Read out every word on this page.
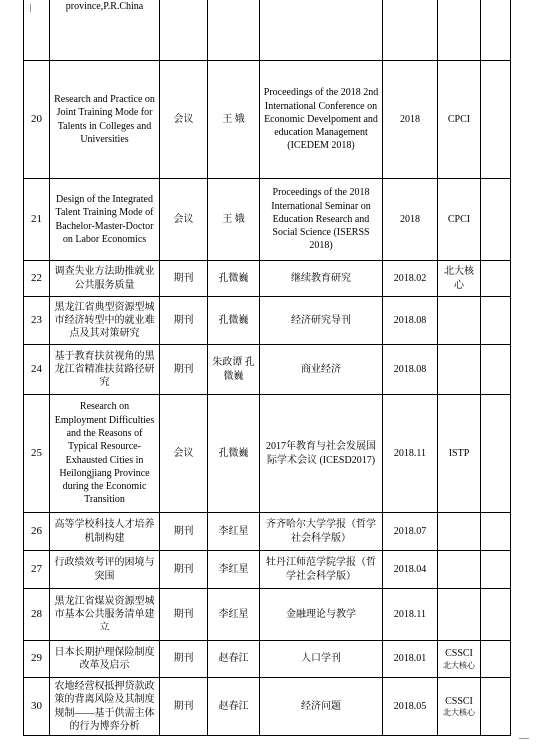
	province,P.R.China						
20	Research and Practice on Joint Training Mode for Talents in Colleges and Universities	会议	王 娥	Proceedings of the 2018 2nd International Conference on Economic Develpoment and education Management (ICEDEM 2018)	2018	CPCI	
21	Design of the Integrated Talent Training Mode of Bachelor-Master-Doctor on Labor Economics	会议	王 娥	Proceedings of the 2018 International Seminar on Education Research and Social Science (ISERSS 2018)	2018	CPCI	
22	调查失业方法助推就业公共服务质量	期刊	孔微巍	继续教育研究	2018.02	北大核心	
23	黑龙江省典型资源型城市经济转型中的就业难点及其对策研究	期刊	孔微巍	经济研究导刊	2018.08		
24	基于教育扶贫视角的黑龙江省精准扶贫路径研究	期刊	朱政谭 孔微巍	商业经济	2018.08		
25	Research on Employment Difficulties and the Reasons of Typical Resource-Exhausted Cities in Heilongjiang Province during the Economic Transition	会议	孔微巍	2017年教育与社会发展国际学术会议 (ICESD2017)	2018.11	ISTP	
26	高等学校科技人才培养机制构建	期刊	李红星	齐齐哈尔大学学报（哲学社会科学版）	2018.07		
27	行政绩效考评的困境与突围	期刊	李红星	牡丹江师范学院学报（哲学社会科学版）	2018.04		
28	黑龙江省煤炭资源型城市基本公共服务清单建立	期刊	李红星	金融理论与教学	2018.11		
29	日本长期护理保险制度改革及启示	期刊	赵春江	人口学刊	2018.01	CSSCI
北大核心	

30	农地经营权抵押贷款政策的背离风险及其制度规制——基于供需主体的行为博弈分析	期刊	赵春江	经济问题	2018.05	CSSCI
北大核心	
